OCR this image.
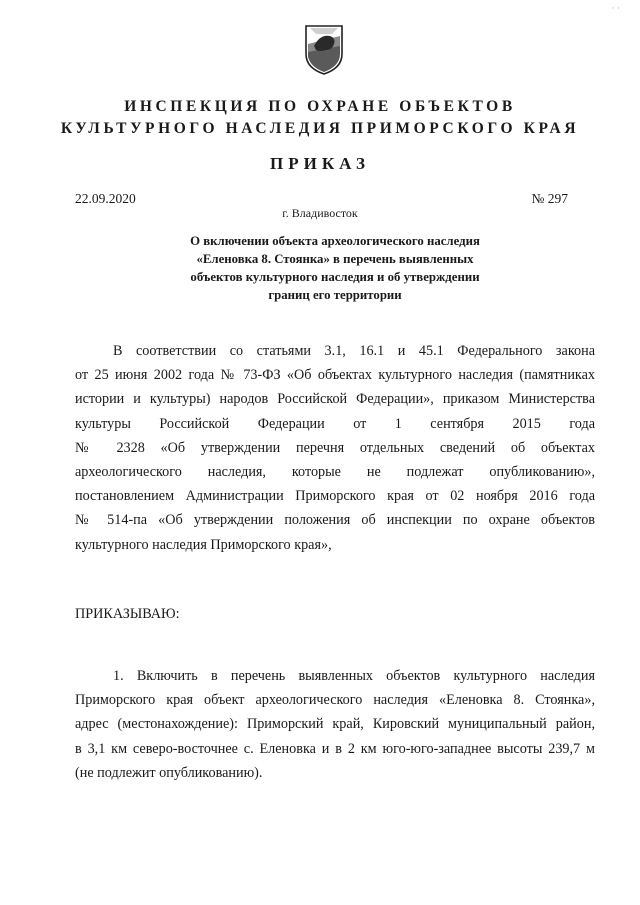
· ·
ИНСПЕКЦИЯ ПО ОХРАНЕ ОБЪЕКТОВ
КУЛЬТУРНОГО НАСЛЕДИЯ ПРИМОРСКОГО КРАЯ
ПРИКАЗ
22.09.2020	№ 297
г. Владивосток
О включении объекта археологического наследия
«Еленовка 8. Стоянка» в перечень выявленных
объектов культурного наследия и об утверждении
границ его территории
В соответствии со статьями 3.1, 16.1 и 45.1 Федерального закона
от 25 июня 2002 года № 73-ФЗ «Об объектах культурного наследия (памятниках
истории и культуры) народов Российской Федерации», приказом Министерства
культуры Российской Федерации от 1 сентября 2015 года
№ 2328 «Об утверждении перечня отдельных сведений об объектах
археологического наследия, которые не подлежат опубликованию»,
постановлением Администрации Приморского края от 02 ноября 2016 года
№ 514-па «Об утверждении положения об инспекции по охране объектов
культурного наследия Приморского края»,
ПРИКАЗЫВАЮ:
1. Включить в перечень выявленных объектов культурного наследия
Приморского края объект археологического наследия «Еленовка 8. Стоянка»,
адрес (местонахождение): Приморский край, Кировский муниципальный район,
в 3,1 км северо-восточнее с. Еленовка и в 2 км юго-юго-западнее высоты 239,7 м
(не подлежит опубликованию).
